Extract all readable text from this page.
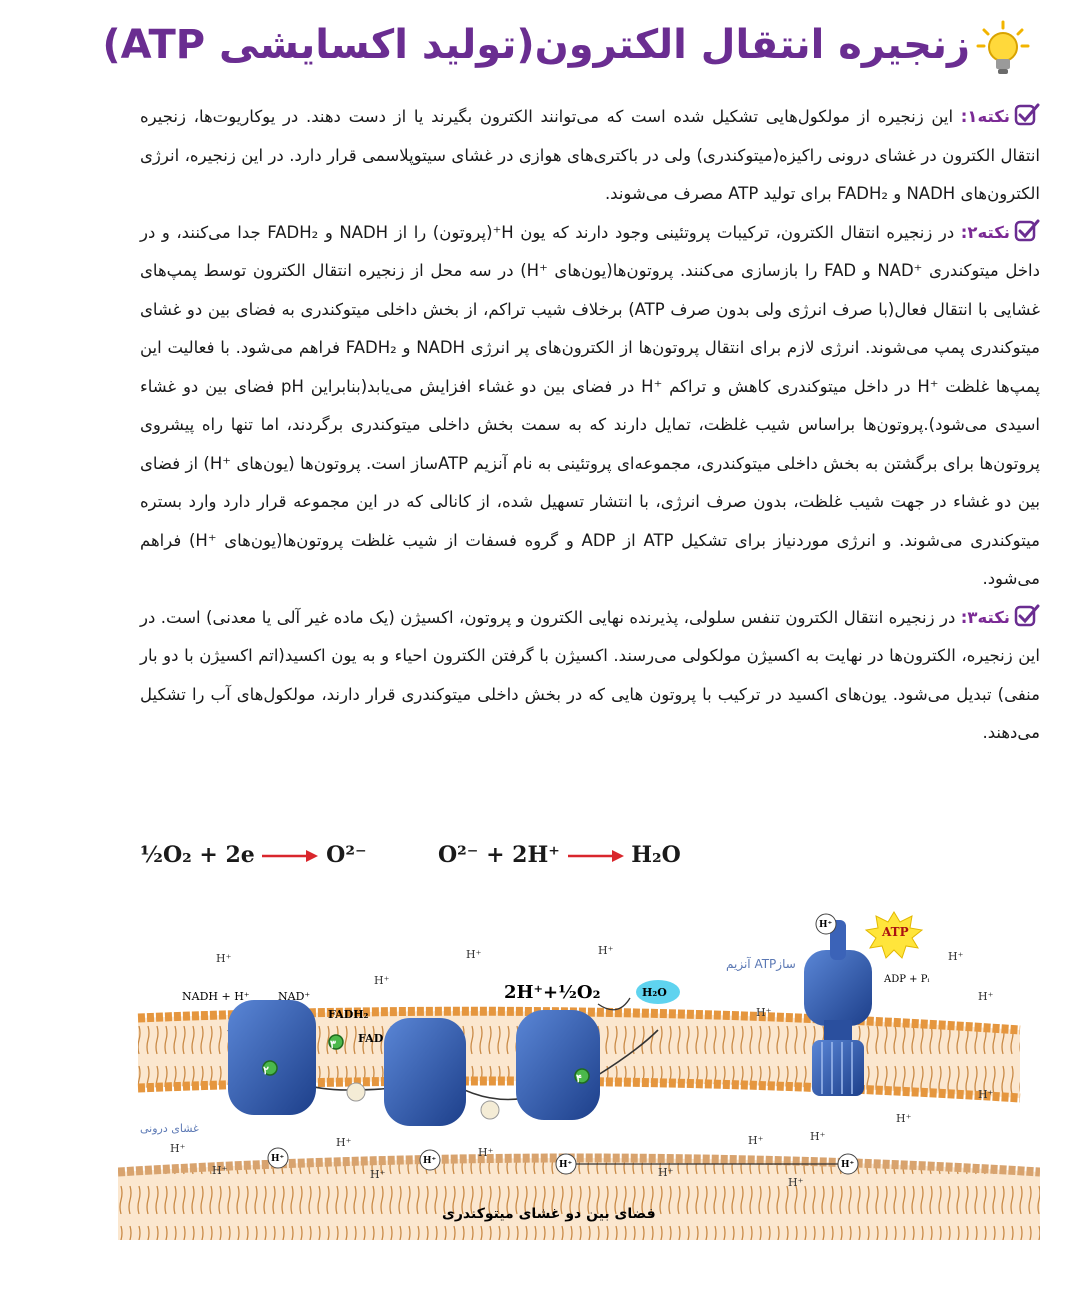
زنجیره انتقال الکترون(تولید اکسایشی ATP)

نکته۱: این زنجیره از مولکول‌هایی تشکیل شده است که می‌توانند الکترون بگیرند یا از دست دهند. در یوکاریوت‌ها، زنجیره انتقال الکترون در غشای درونی راکیزه(میتوکندری) ولی در باکتری‌های هوازی در غشای سیتوپلاسمی قرار دارد. در این زنجیره، انرژی الکترون‌های NADH و FADH₂ برای تولید ATP مصرف می‌شوند.

نکته۲: در زنجیره انتقال الکترون، ترکیبات پروتئینی وجود دارند که یون H⁺(پروتون) را از NADH و FADH₂ جدا می‌کنند، و در داخل میتوکندری ⁺NAD و FAD را بازسازی می‌کنند. پروتون‌ها(یون‌های ⁺H) در سه محل از زنجیره انتقال الکترون توسط پمپ‌های غشایی با انتقال فعال(با صرف انرژی ولی بدون صرف ATP) برخلاف شیب تراکم، از بخش داخلی میتوکندری به فضای بین دو غشای میتوکندری پمپ می‌شوند. انرژی لازم برای انتقال پروتون‌ها از الکترون‌های پر انرژی NADH و FADH₂ فراهم می‌شود. با فعالیت این پمپ‌ها غلظت ⁺H در داخل میتوکندری کاهش و تراکم ⁺H در فضای بین دو غشاء افزایش می‌یابد(بنابراین pH فضای بین دو غشاء اسیدی می‌شود).پروتون‌ها براساس شیب غلظت، تمایل دارند که به سمت بخش داخلی میتوکندری برگردند، اما تنها راه پیشروی پروتون‌ها برای برگشتن به بخش داخلی میتوکندری، مجموعه‌ای پروتئینی به نام آنزیم ATPساز است. پروتون‌ها (یون‌های ⁺H) از فضای بین دو غشاء در جهت شیب غلظت، بدون صرف انرژی، با انتشار تسهیل شده، از کانالی که در این مجموعه قرار دارد وارد بستره میتوکندری می‌شوند. و انرژی موردنیاز برای تشکیل ATP از ADP و گروه فسفات از شیب غلظت پروتون‌ها(یون‌های ⁺H) فراهم می‌شود.

نکته۳: در زنجیره انتقال الکترون تنفس سلولی، پذیرنده نهایی الکترون و پروتون، اکسیژن (یک ماده غیر آلی یا معدنی) است. در این زنجیره، الکترون‌ها در نهایت به اکسیژن مولکولی می‌رسند. اکسیژن با گرفتن الکترون احیاء و به یون اکسید(اتم اکسیژن با دو بار منفی) تبدیل می‌شود. یون‌های اکسید در ترکیب با پروتون هایی که در بخش داخلی میتوکندری قرار دارند، مولکول‌های آب را تشکیل می‌دهند.

½O₂ + 2e	O²⁻	O²⁻ + 2H⁺	H₂O
۲
۳
۴
NADH + H⁺	NAD⁺
FADH₂
FAD
2H⁺+½O₂	H₂O
ATP
ADP + Pᵢ
آنزیم ATPساز
غشای درونی
فضای بین دو غشای میتوکندری
H⁺	H⁺	H⁺	H⁺
H⁺
H⁺
H⁺
H⁺	H⁺
H⁺
H⁺
H⁺
H⁺
H⁺
H⁺
H⁺
H⁺
H⁺
H⁺
H⁺	H⁺
H⁺
H⁺
